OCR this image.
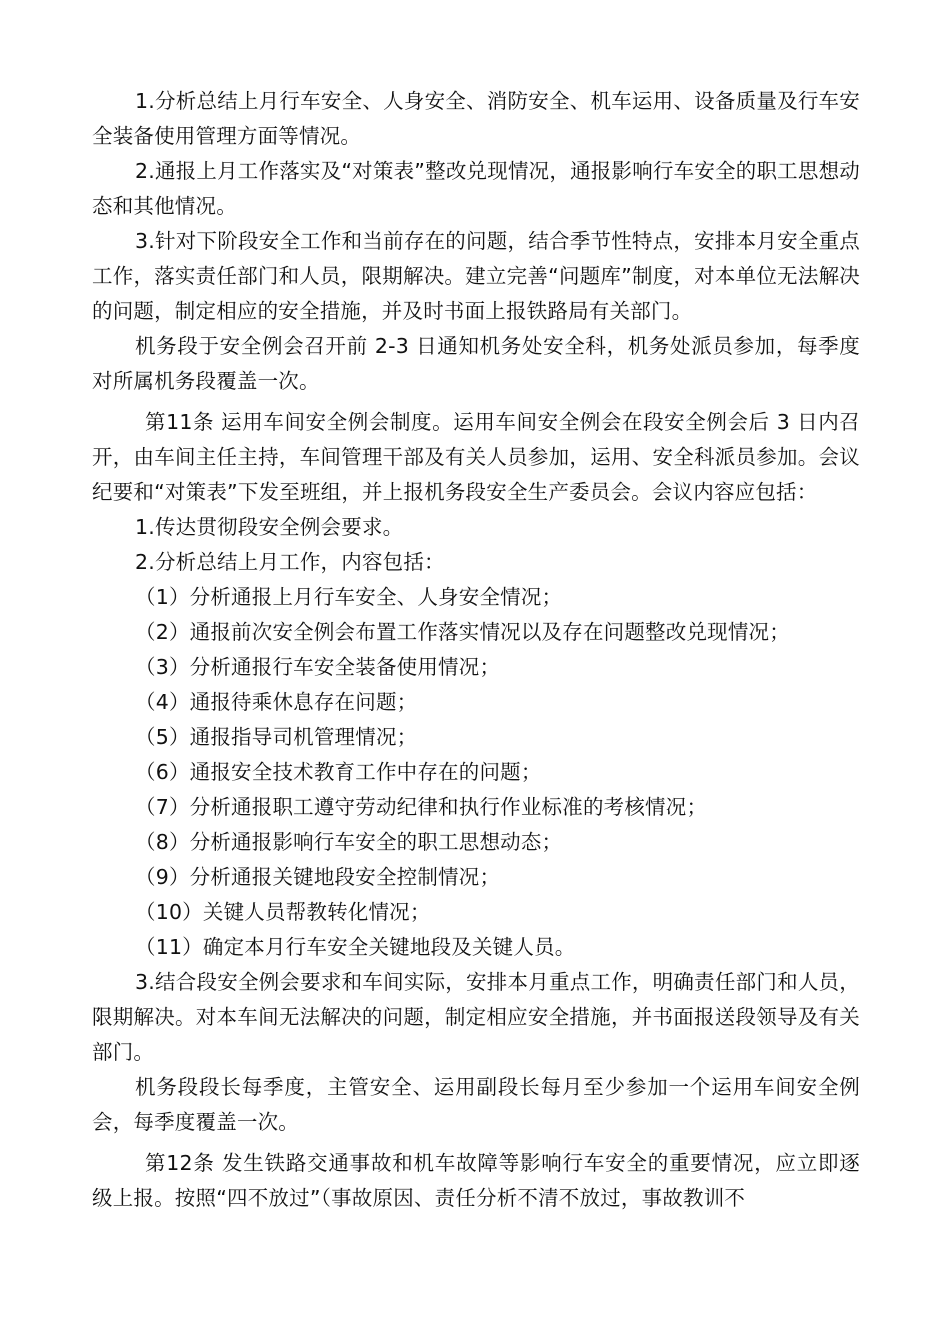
1.分析总结上月行车安全、人身安全、消防安全、机车运用、设备质量及行车安全装备使用管理方面等情况。

2.通报上月工作落实及“对策表”整改兑现情况，通报影响行车安全的职工思想动态和其他情况。

3.针对下阶段安全工作和当前存在的问题，结合季节性特点，安排本月安全重点工作，落实责任部门和人员，限期解决。建立完善“问题库”制度，对本单位无法解决的问题，制定相应的安全措施，并及时书面上报铁路局有关部门。

机务段于安全例会召开前 2-3 日通知机务处安全科，机务处派员参加，每季度对所属机务段覆盖一次。

第11条 运用车间安全例会制度。运用车间安全例会在段安全例会后 3 日内召开，由车间主任主持，车间管理干部及有关人员参加，运用、安全科派员参加。会议纪要和“对策表”下发至班组，并上报机务段安全生产委员会。会议内容应包括：

1.传达贯彻段安全例会要求。

2.分析总结上月工作，内容包括：

（1）分析通报上月行车安全、人身安全情况；

（2）通报前次安全例会布置工作落实情况以及存在问题整改兑现情况；

（3）分析通报行车安全装备使用情况；

（4）通报待乘休息存在问题；

（5）通报指导司机管理情况；

（6）通报安全技术教育工作中存在的问题；

（7）分析通报职工遵守劳动纪律和执行作业标准的考核情况；

（8）分析通报影响行车安全的职工思想动态；

（9）分析通报关键地段安全控制情况；

（10）关键人员帮教转化情况；

（11）确定本月行车安全关键地段及关键人员。

3.结合段安全例会要求和车间实际，安排本月重点工作，明确责任部门和人员，限期解决。对本车间无法解决的问题，制定相应安全措施，并书面报送段领导及有关部门。

机务段段长每季度，主管安全、运用副段长每月至少参加一个运用车间安全例会，每季度覆盖一次。

第12条 发生铁路交通事故和机车故障等影响行车安全的重要情况，应立即逐级上报。按照“四不放过”（事故原因、责任分析不清不放过，事故教训不
